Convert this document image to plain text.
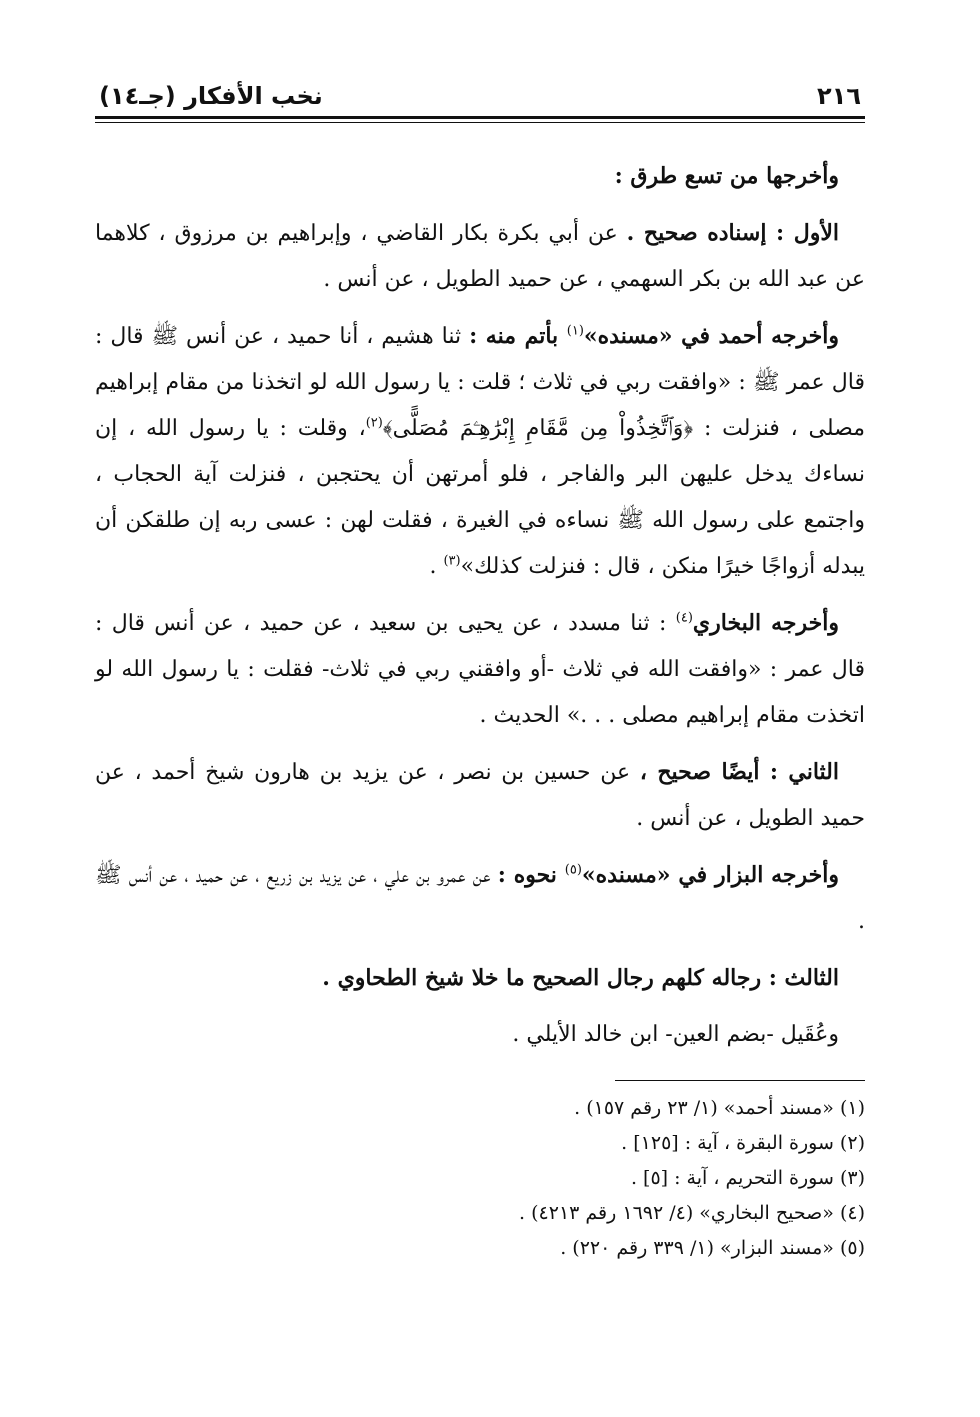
٢١٦
نخب الأفكار (جـ١٤)

وأخرجها من تسع طرق :

الأول : إسناده صحيح . عن أبي بكرة بكار القاضي ، وإبراهيم بن مرزوق ، كلاهما عن عبد الله بن بكر السهمي ، عن حميد الطويل ، عن أنس .

وأخرجه أحمد في «مسنده»$^{(١)}$ بأتم منه : ثنا هشيم ، أنا حميد ، عن أنس ﷺ قال : قال عمر ﷺ : «وافقت ربي في ثلاث ؛ قلت : يا رسول الله لو اتخذنا من مقام إبراهيم مصلى ، فنزلت : ﴿وَٱتَّخِذُواْ مِن مَّقَامِ إِبْرَٰهِـۧمَ مُصَلًّى﴾$^{(٢)}$، وقلت : يا رسول الله ، إن نساءك يدخل عليهن البر والفاجر ، فلو أمرتهن أن يحتجبن ، فنزلت آية الحجاب ، واجتمع على رسول الله ﷺ نساءه في الغيرة ، فقلت لهن : عسى ربه إن طلقكن أن يبدله أزواجًا خيرًا منكن ، قال : فنزلت كذلك»$^{(٣)}$ .

وأخرجه البخاري$^{(٤)}$ : ثنا مسدد ، عن يحيى بن سعيد ، عن حميد ، عن أنس قال : قال عمر : «وافقت الله في ثلاث -أو وافقني ربي في ثلاث- فقلت : يا رسول الله لو اتخذت مقام إبراهيم مصلى . . .» الحديث .

الثاني : أيضًا صحيح ، عن حسين بن نصر ، عن يزيد بن هارون شيخ أحمد ، عن حميد الطويل ، عن أنس .

وأخرجه البزار في «مسنده»$^{(٥)}$ نحوه : عن عمرو بن علي ، عن يزيد بن زريع ، عن حميد ، عن أنس ﷺ .

الثالث : رجاله كلهم رجال الصحيح ما خلا شيخ الطحاوي .

وعُقَيل -بضم العين- ابن خالد الأيلي .

(١) «مسند أحمد» (١/ ٢٣ رقم ١٥٧) .
(٢) سورة البقرة ، آية : [١٢٥] .
(٣) سورة التحريم ، آية : [٥] .
(٤) «صحيح البخاري» (٤/ ١٦٩٢ رقم ٤٢١٣) .
(٥) «مسند البزار» (١/ ٣٣٩ رقم ٢٢٠) .
